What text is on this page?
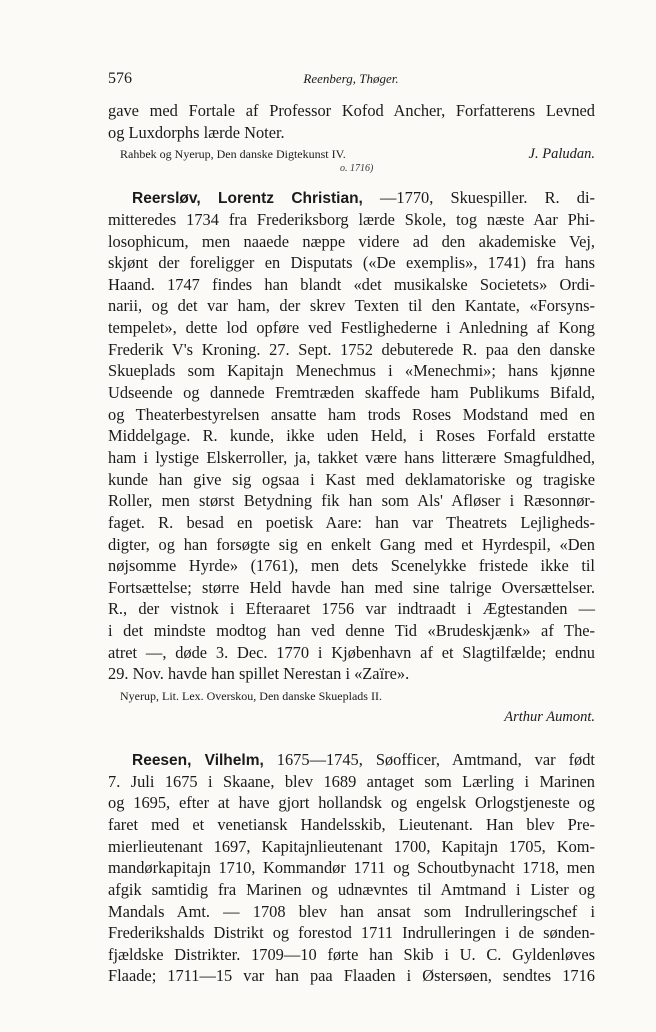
576	Reenberg, Thøger.
o. 1716)
gave med Fortale af Professor Kofod Ancher, Forfatterens Levned
og Luxdorphs lærde Noter.
Rahbek og Nyerup, Den danske Digtekunst IV.	J. Paludan.
Reersløv, Lorentz Christian, —1770, Skuespiller. R. di-
mitteredes 1734 fra Frederiksborg lærde Skole, tog næste Aar Phi-
losophicum, men naaede næppe videre ad den akademiske Vej,
skjønt der foreligger en Disputats («De exemplis», 1741) fra hans
Haand. 1747 findes han blandt «det musikalske Societets» Ordi-
narii, og det var ham, der skrev Texten til den Kantate, «Forsyns-
tempelet», dette lod opføre ved Festlighederne i Anledning af Kong
Frederik V's Kroning. 27. Sept. 1752 debuterede R. paa den danske
Skueplads som Kapitajn Menechmus i «Menechmi»; hans kjønne
Udseende og dannede Fremtræden skaffede ham Publikums Bifald,
og Theaterbestyrelsen ansatte ham trods Roses Modstand med en
Middelgage. R. kunde, ikke uden Held, i Roses Forfald erstatte
ham i lystige Elskerroller, ja, takket være hans litterære Smagfuldhed,
kunde han give sig ogsaa i Kast med deklamatoriske og tragiske
Roller, men størst Betydning fik han som Als' Afløser i Ræsonnør-
faget. R. besad en poetisk Aare: han var Theatrets Lejligheds-
digter, og han forsøgte sig en enkelt Gang med et Hyrdespil, «Den
nøjsomme Hyrde» (1761), men dets Scenelykke fristede ikke til
Fortsættelse; større Held havde han med sine talrige Oversættelser.
R., der vistnok i Efteraaret 1756 var indtraadt i Ægtestanden —
i det mindste modtog han ved denne Tid «Brudeskjænk» af The-
atret —, døde 3. Dec. 1770 i Kjøbenhavn af et Slagtilfælde; endnu
29. Nov. havde han spillet Nerestan i «Zaïre».
Nyerup, Lit. Lex. Overskou, Den danske Skueplads II.
Arthur Aumont.
Reesen, Vilhelm, 1675—1745, Søofficer, Amtmand, var født
7. Juli 1675 i Skaane, blev 1689 antaget som Lærling i Marinen
og 1695, efter at have gjort hollandsk og engelsk Orlogstjeneste og
faret med et venetiansk Handelsskib, Lieutenant. Han blev Pre-
mierlieutenant 1697, Kapitajnlieutenant 1700, Kapitajn 1705, Kom-
mandørkapitajn 1710, Kommandør 1711 og Schoutbynacht 1718, men
afgik samtidig fra Marinen og udnævntes til Amtmand i Lister og
Mandals Amt. — 1708 blev han ansat som Indrulleringschef i
Frederikshalds Distrikt og forestod 1711 Indrulleringen i de sønden-
fjældske Distrikter. 1709—10 førte han Skib i U. C. Gyldenløves
Flaade; 1711—15 var han paa Flaaden i Østersøen, sendtes 1716
